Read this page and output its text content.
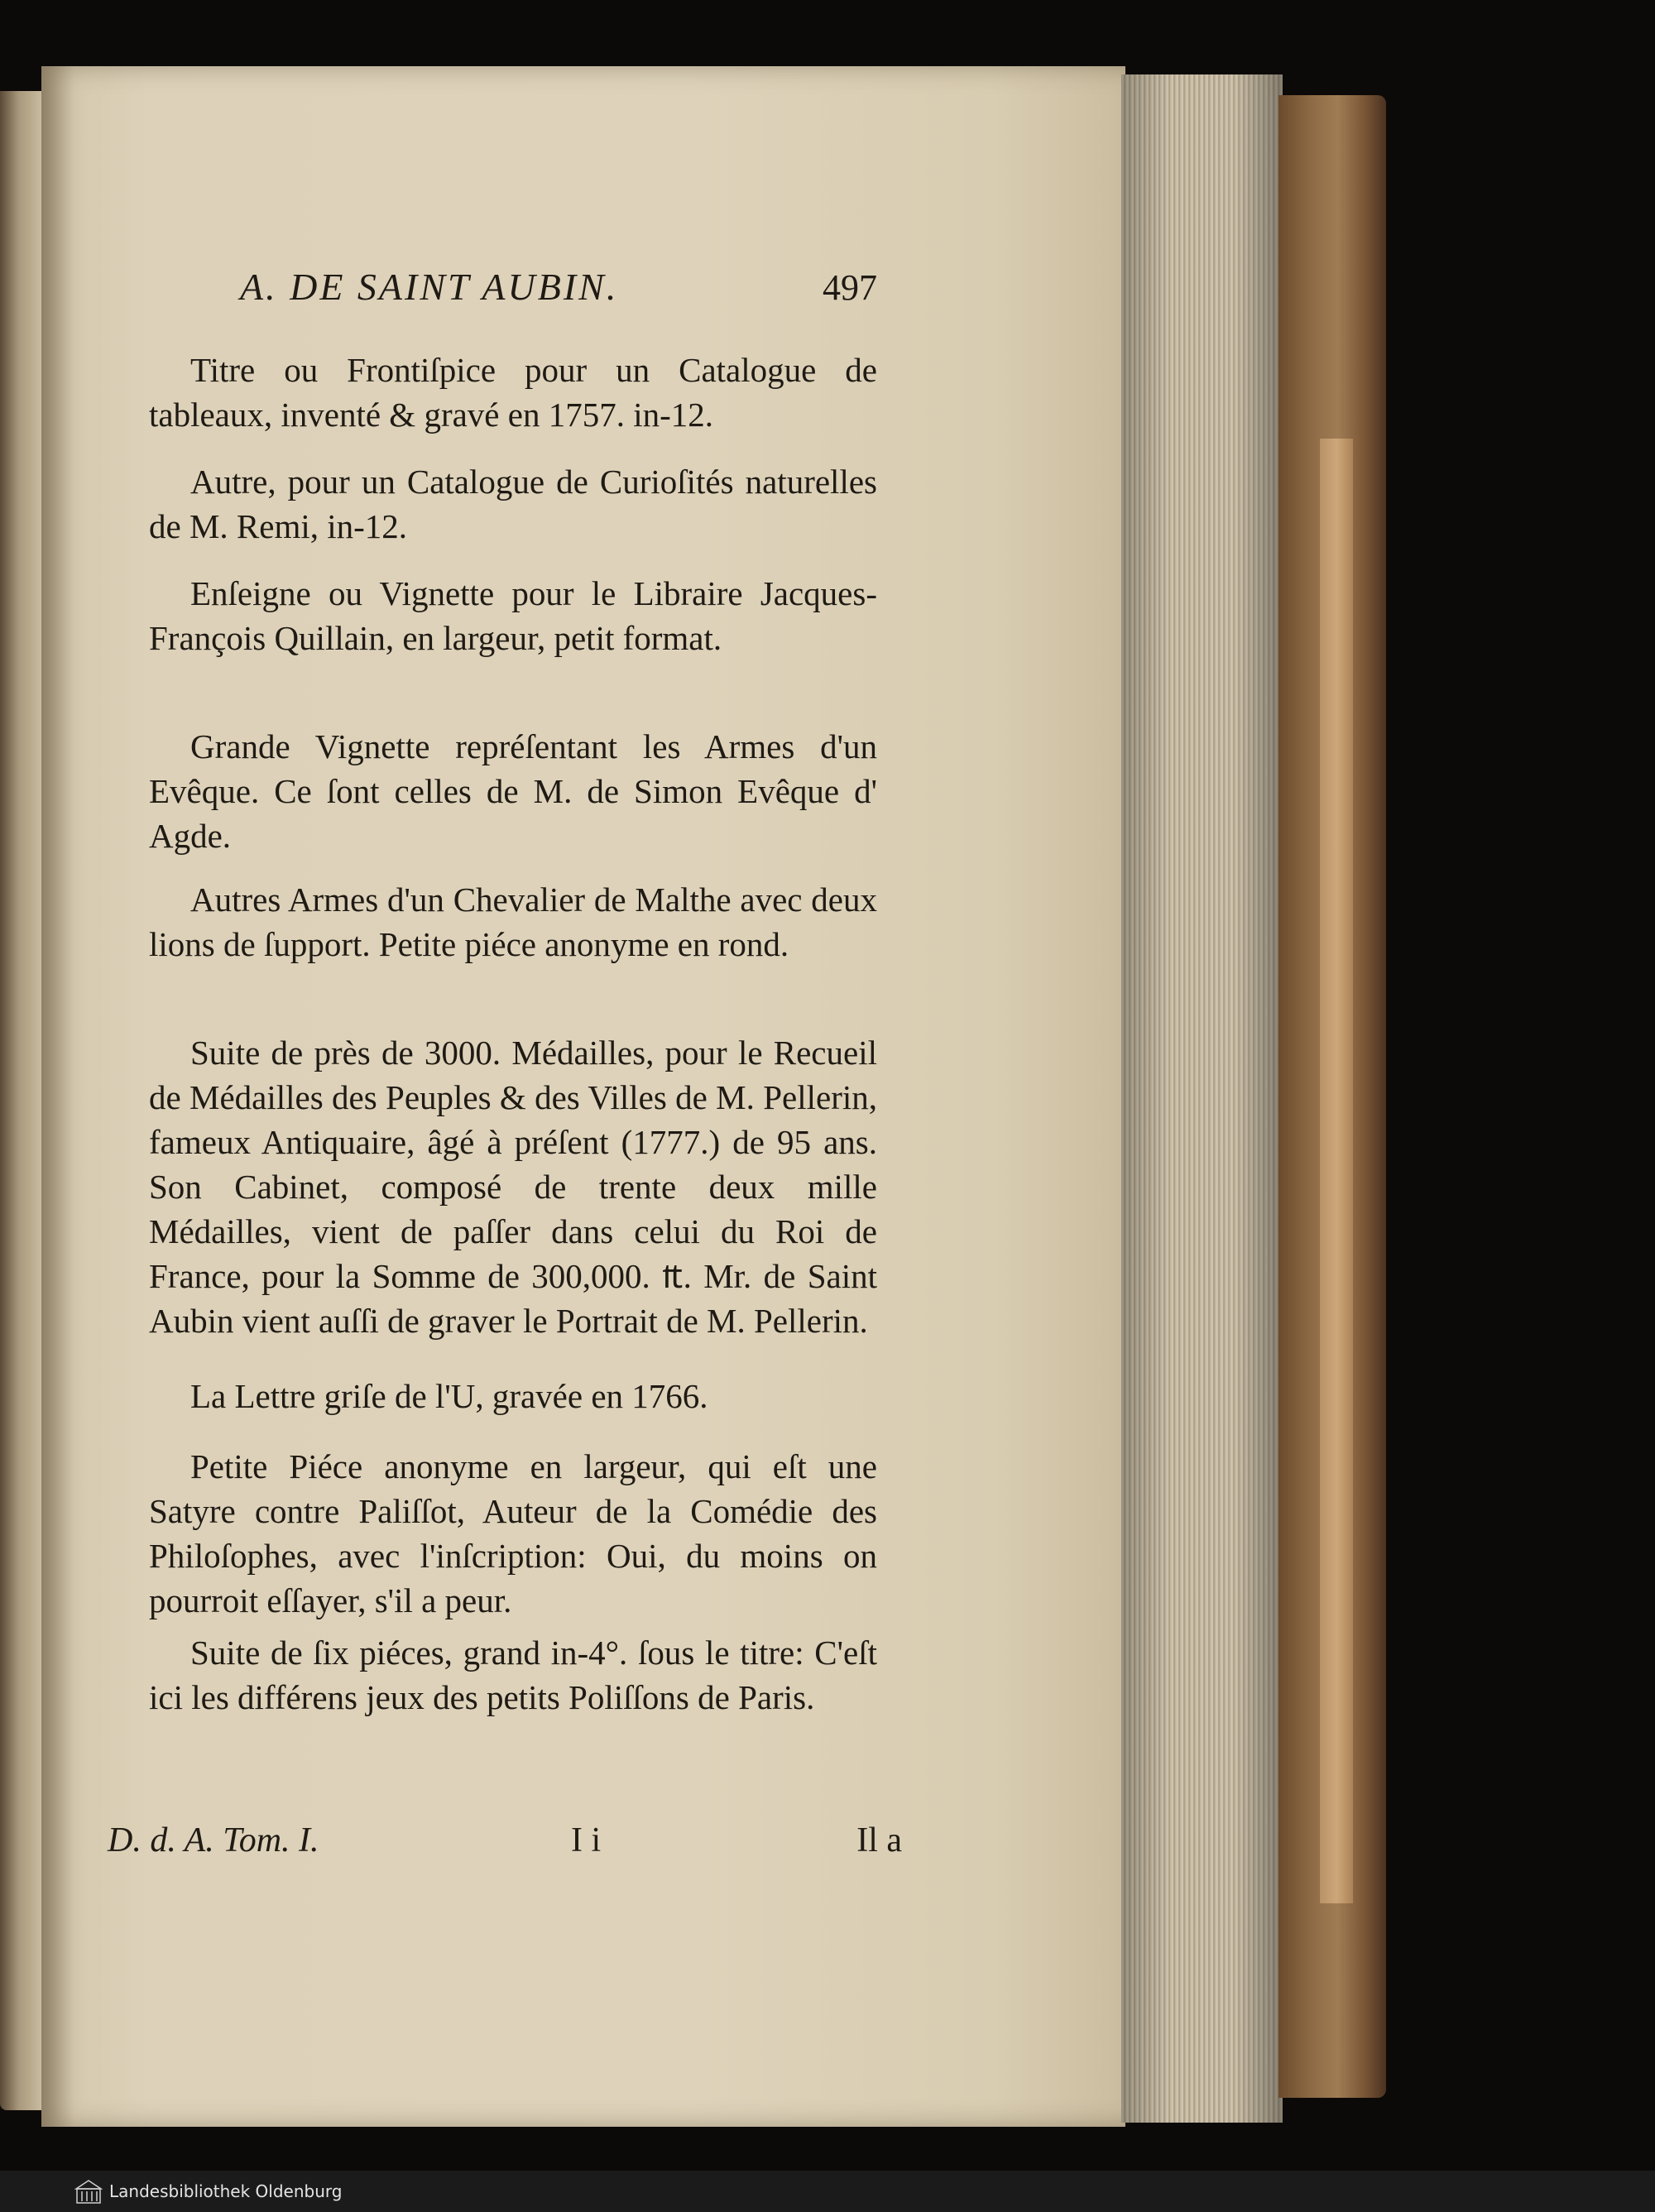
A. DE SAINT AUBIN.	497

Titre ou Frontiſpice pour un Catalogue de tableaux, inventé & gravé en 1757. in-12.

Autre, pour un Catalogue de Curioſités naturelles de M. Remi, in-12.

Enſeigne ou Vignette pour le Libraire Jacques-François Quillain, en largeur, petit format.

Grande Vignette repréſentant les Armes d'un Evêque. Ce ſont celles de M. de Simon Evêque d' Agde.

Autres Armes d'un Chevalier de Malthe avec deux lions de ſupport. Petite piéce anonyme en rond.

Suite de près de 3000. Médailles, pour le Recueil de Médailles des Peuples & des Villes de M. Pellerin, fameux Antiquaire, âgé à préſent (1777.) de 95 ans. Son Cabinet, composé de trente deux mille Médailles, vient de paſſer dans celui du Roi de France, pour la Somme de 300,000. ₶. Mr. de Saint Aubin vient auſſi de graver le Portrait de M. Pellerin.

La Lettre griſe de l'U, gravée en 1766.

Petite Piéce anonyme en largeur, qui eſt une Satyre contre Paliſſot, Auteur de la Comédie des Philoſophes, avec l'inſcription: Oui, du moins on pourroit eſſayer, s'il a peur.

Suite de ſix piéces, grand in-4°. ſous le titre: C'eſt ici les différens jeux des petits Poliſſons de Paris.

D. d. A. Tom. I.	I i	Il a
Landesbibliothek Oldenburg
